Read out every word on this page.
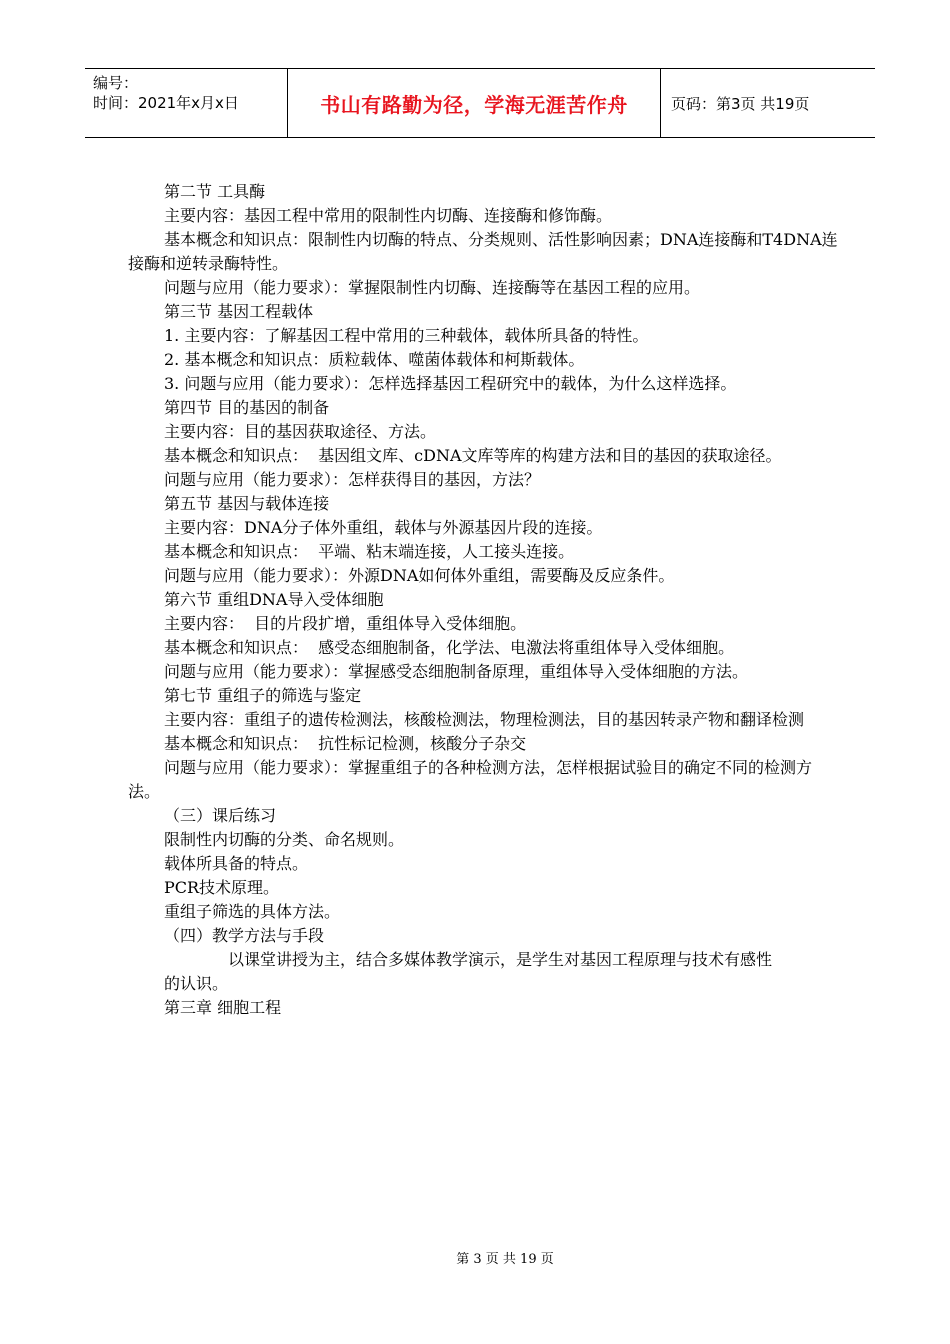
编号：
时间：2021年x月x日	书山有路勤为径，学海无涯苦作舟	页码：第3页 共19页

第二节 工具酶

主要内容：基因工程中常用的限制性内切酶、连接酶和修饰酶。

基本概念和知识点：限制性内切酶的特点、分类规则、活性影响因素；DNA连接酶和T4DNA连接酶和逆转录酶特性。

问题与应用（能力要求）：掌握限制性内切酶、连接酶等在基因工程的应用。

第三节 基因工程载体

1. 主要内容：了解基因工程中常用的三种载体，载体所具备的特性。

2. 基本概念和知识点：质粒载体、噬菌体载体和柯斯载体。

3. 问题与应用（能力要求）：怎样选择基因工程研究中的载体，为什么这样选择。

第四节 目的基因的制备

主要内容：目的基因获取途径、方法。

基本概念和知识点：  基因组文库、cDNA文库等库的构建方法和目的基因的获取途径。

问题与应用（能力要求）：怎样获得目的基因，方法？

第五节 基因与载体连接

主要内容：DNA分子体外重组，载体与外源基因片段的连接。

基本概念和知识点：  平端、粘末端连接，人工接头连接。

问题与应用（能力要求）：外源DNA如何体外重组，需要酶及反应条件。

第六节 重组DNA导入受体细胞

主要内容：  目的片段扩增，重组体导入受体细胞。

基本概念和知识点：  感受态细胞制备，化学法、电激法将重组体导入受体细胞。

问题与应用（能力要求）：掌握感受态细胞制备原理，重组体导入受体细胞的方法。

第七节 重组子的筛选与鉴定

主要内容：重组子的遗传检测法，核酸检测法，物理检测法，目的基因转录产物和翻译检测

基本概念和知识点：  抗性标记检测，核酸分子杂交

问题与应用（能力要求）：掌握重组子的各种检测方法，怎样根据试验目的确定不同的检测方法。

（三）课后练习

限制性内切酶的分类、命名规则。

载体所具备的特点。

PCR技术原理。

重组子筛选的具体方法。

（四）教学方法与手段

以课堂讲授为主，结合多媒体教学演示，是学生对基因工程原理与技术有感性

的认识。

第三章 细胞工程

第 3 页 共 19 页
